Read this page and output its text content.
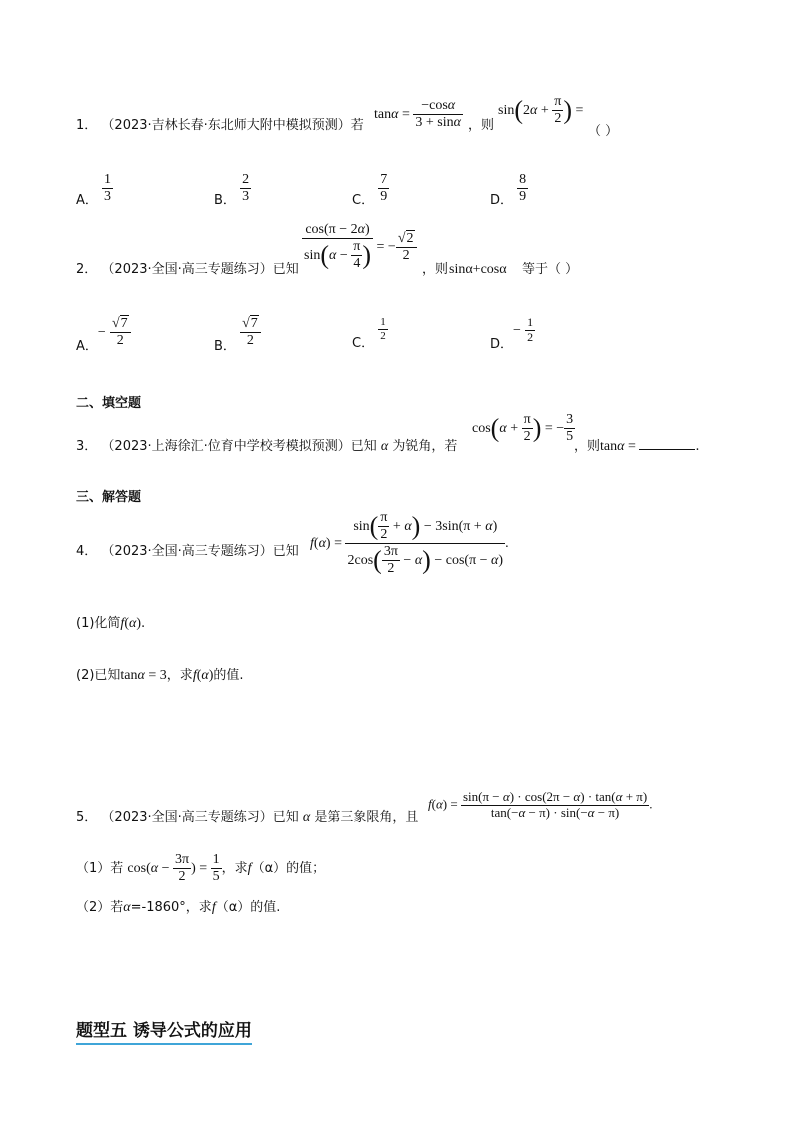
1． （2023·吉林长春·东北师大附中模拟预测）若
$\tan\alpha = \frac{-\cos\alpha}{3 + \sin\alpha}$ ，则
$\sin(2\alpha + \frac{\pi}{2}$ ) =
（ ）
A． $\frac{1}{3}$	B． $\frac{2}{3}$	C． $\frac{7}{9}$	D． $\frac{8}{9}$
2． （2023·全国·高三专题练习）已知 $\frac{\cos(\pi - 2\alpha)}{\sin(\alpha - \frac{\pi}{4} )}$ = − $\frac{√2}{2}$
，则 sinα+cosα 等于（ ）
A．− $\frac{√7}{2}$	B． $\frac{√7}{2}$	C．
$\frac{1}{2}$
D．− $\frac{1}{2}$
二、填空题
3． （2023·上海徐汇·位育中学校考模拟预测）已知 α 为锐角，若
$\cos(\alpha + \frac{\pi}{2}$ ) = − $\frac{3}{5}$
，则tanα =	.
三、解答题
4． （2023·全国·高三专题练习）已知
$f(\alpha) = \frac{\sin( \frac{\pi}{2} + \alpha) - 3\sin(\pi + \alpha)}{2\cos( \frac{3\pi}{2} - \alpha) - \cos(\pi - \alpha)}$ .
(1)化简f(α).
(2)已知tanα = 3，求f(α)的值.
5． （2023·全国·高三专题练习）已知 α 是第三象限角，且
$f(\alpha) = \frac{\sin(\pi - \alpha) \cdot \cos(2\pi - \alpha) \cdot \tan(\alpha + \pi)}{\tan(-\alpha - \pi) \cdot \sin(-\alpha - \pi)}$ .
（1）若 $\cos(\alpha - \frac{3\pi}{2}$ ) = $\frac{1}{5}$ ，求f（α）的值；
（2）若α=-1860°，求f（α）的值.
题型五 诱导公式的应用
